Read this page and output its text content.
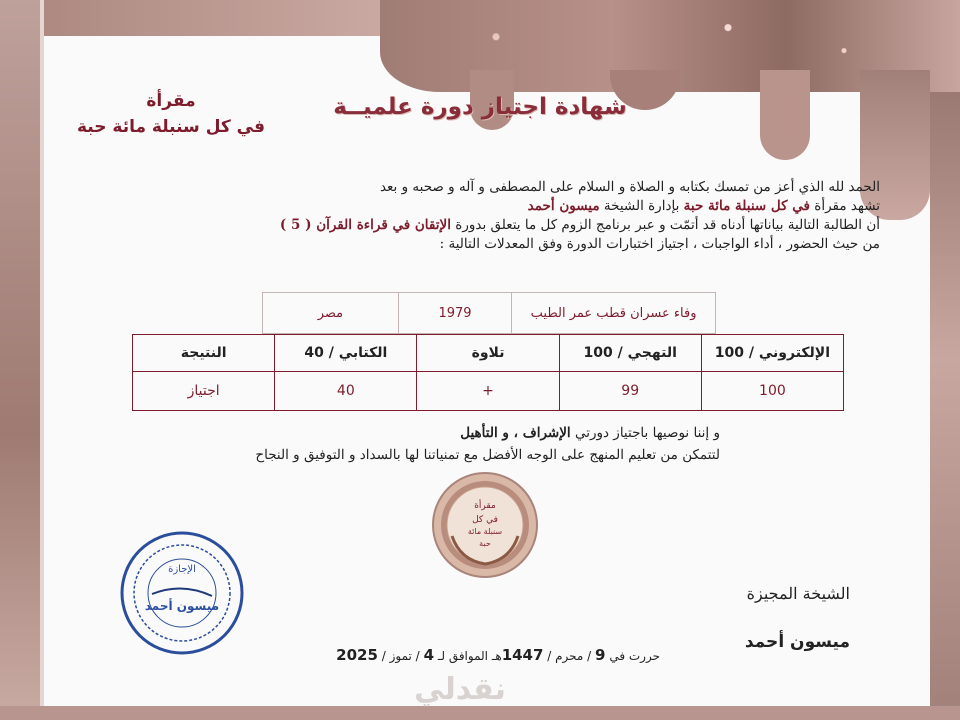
شهادة اجتياز دورة علميــة
مقرأة
في كل سنبلة مائة حبة

الحمد لله الذي أعز من تمسك بكتابه و الصلاة و السلام على المصطفى و آله و صحبه و بعد

تشهد مقرأة في كل سنبلة مائة حبة بإدارة الشيخة ميسون أحمد

أن الطالبة التالية بياناتها أدناه قد أتمّت و عبر برنامج الزوم كل ما يتعلق بدورة الإتقان في قراءة القرآن ( 5 )

من حيث الحضور ، أداء الواجبات ، اجتياز اختبارات الدورة وفق المعدلات التالية :

وفاء عسران قطب عمر الطيب	1979	مصر
الإلكتروني / 100	التهجي / 100	تلاوة	الكتابي / 40	النتيجة
100	99	+	40	اجتياز
و إننا نوصيها باجتياز دورتي الإشراف ، و التأهيل
لتتمكن من تعليم المنهج على الوجه الأفضل مع تمنياتنا لها بالسداد و التوفيق و النجاح
مقرأة
في كل
سنبلة مائة
حبة
الإجازة
ميسون أحمد
الشيخة المجيزة
ميسون أحمد
حررت في 9 / محرم / 1447هـ الموافق لـ 4 / تموز / 2025
نقدلي
